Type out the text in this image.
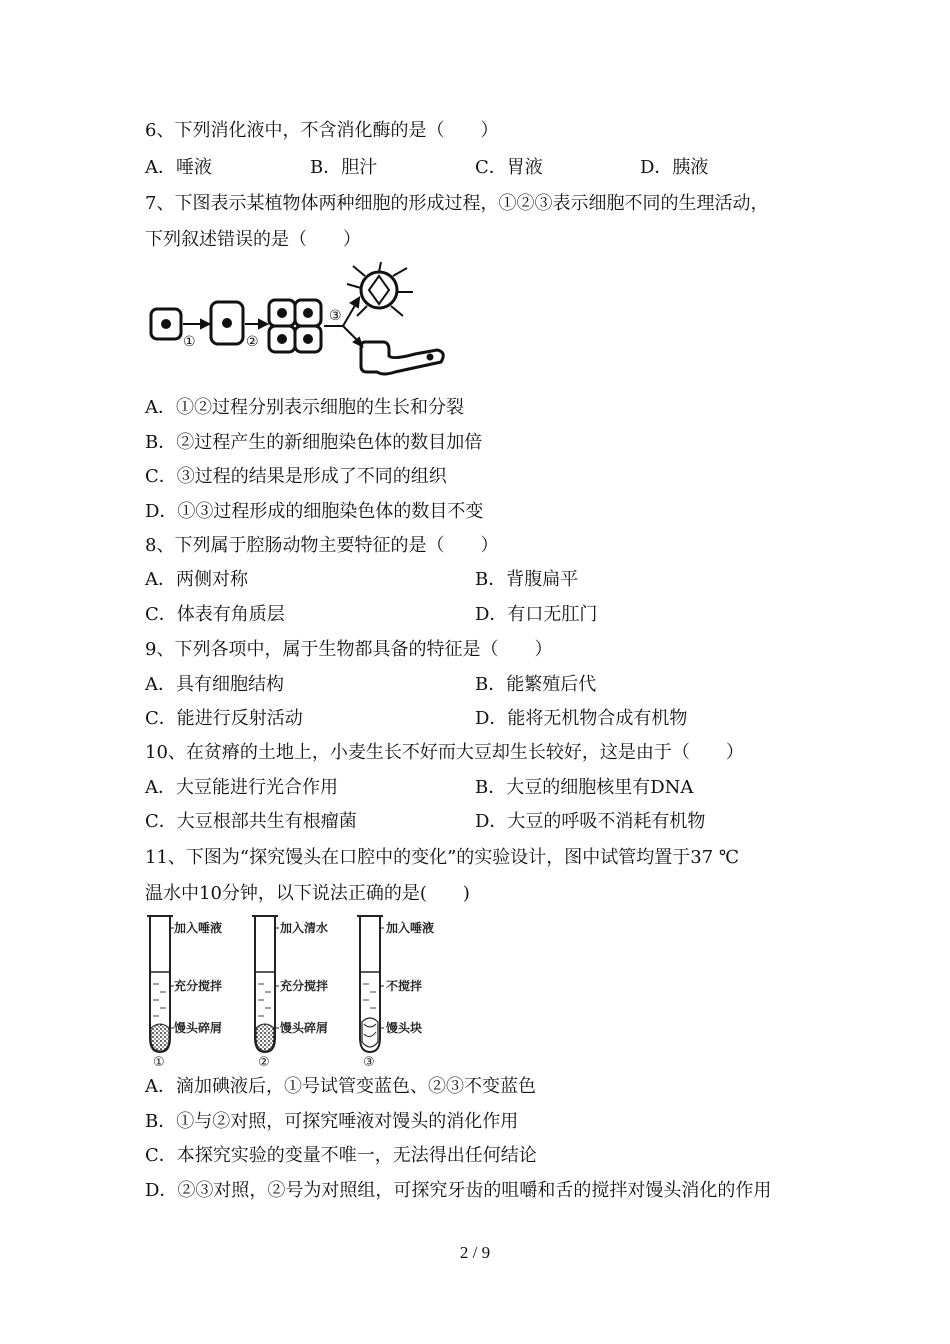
6、下列消化液中，不含消化酶的是（　　）
A．唾液	B．胆汁	C．胃液	D．胰液
7、下图表示某植物体两种细胞的形成过程，①②③表示细胞不同的生理活动，
下列叙述错误的是（　　）
①	②
③
A．①②过程分别表示细胞的生长和分裂
B．②过程产生的新细胞染色体的数目加倍
C．③过程的结果是形成了不同的组织
D．①③过程形成的细胞染色体的数目不变
8、下列属于腔肠动物主要特征的是（　　）
A．两侧对称	B．背腹扁平
C．体表有角质层	D．有口无肛门
9、下列各项中，属于生物都具备的特征是（　　）
A．具有细胞结构	B．能繁殖后代
C．能进行反射活动	D．能将无机物合成有机物
10、在贫瘠的土地上，小麦生长不好而大豆却生长较好，这是由于（　　）
A．大豆能进行光合作用	B．大豆的细胞核里有DNA
C．大豆根部共生有根瘤菌	D．大豆的呼吸不消耗有机物
11、下图为“探究馒头在口腔中的变化”的实验设计，图中试管均置于37 ℃
温水中10分钟，以下说法正确的是(　　)
加入唾液
充分搅拌
馒头碎屑
①
加入清水
充分搅拌
馒头碎屑
②
加入唾液
不搅拌
馒头块
③
A．滴加碘液后，①号试管变蓝色、②③不变蓝色
B．①与②对照，可探究唾液对馒头的消化作用
C．本探究实验的变量不唯一，无法得出任何结论
D．②③对照，②号为对照组，可探究牙齿的咀嚼和舌的搅拌对馒头消化的作用
2 / 9
